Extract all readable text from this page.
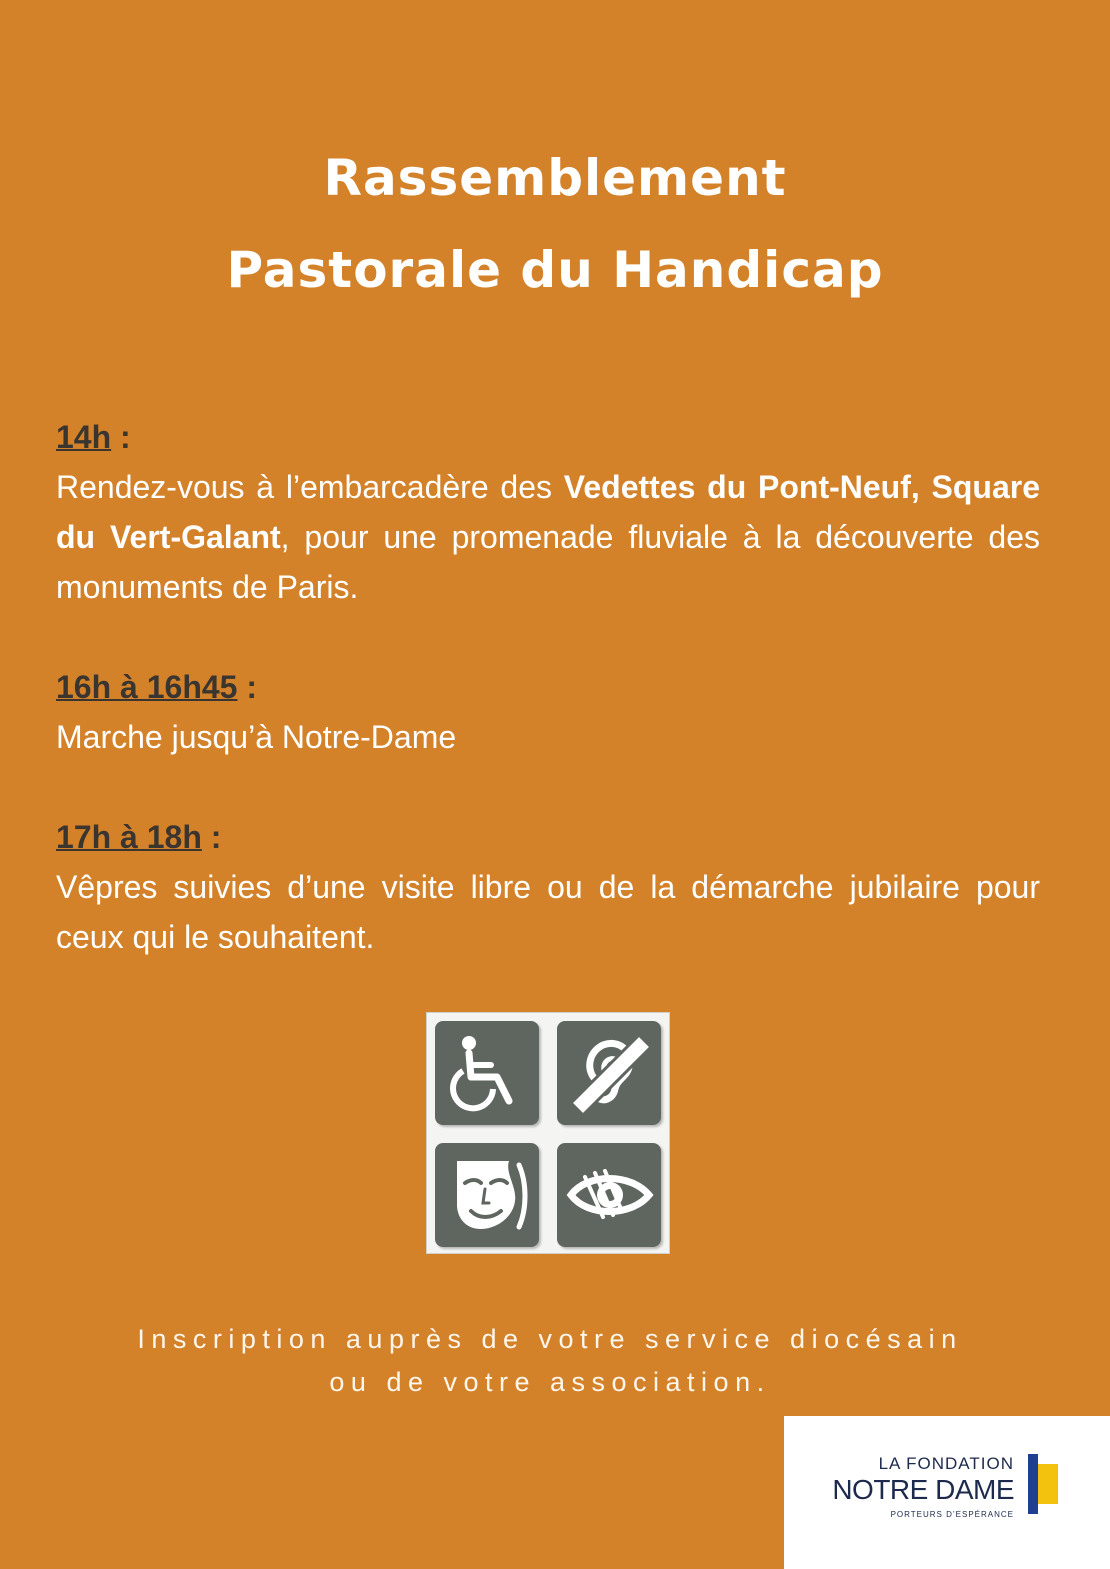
Rassemblement
Pastorale du Handicap
14h :
Rendez-vous à l’embarcadère des Vedettes du Pont-Neuf, Square du Vert-Galant, pour une promenade fluviale à la découverte des monuments de Paris.
16h à 16h45 :
Marche jusqu’à Notre-Dame
17h à 18h :
Vêpres suivies d’une visite libre ou de la démarche jubilaire pour ceux qui le souhaitent.
Inscription auprès de votre service diocésain
ou de votre association.
LA FONDATION
NOTRE DAME
PORTEURS D’ESPÉRANCE
